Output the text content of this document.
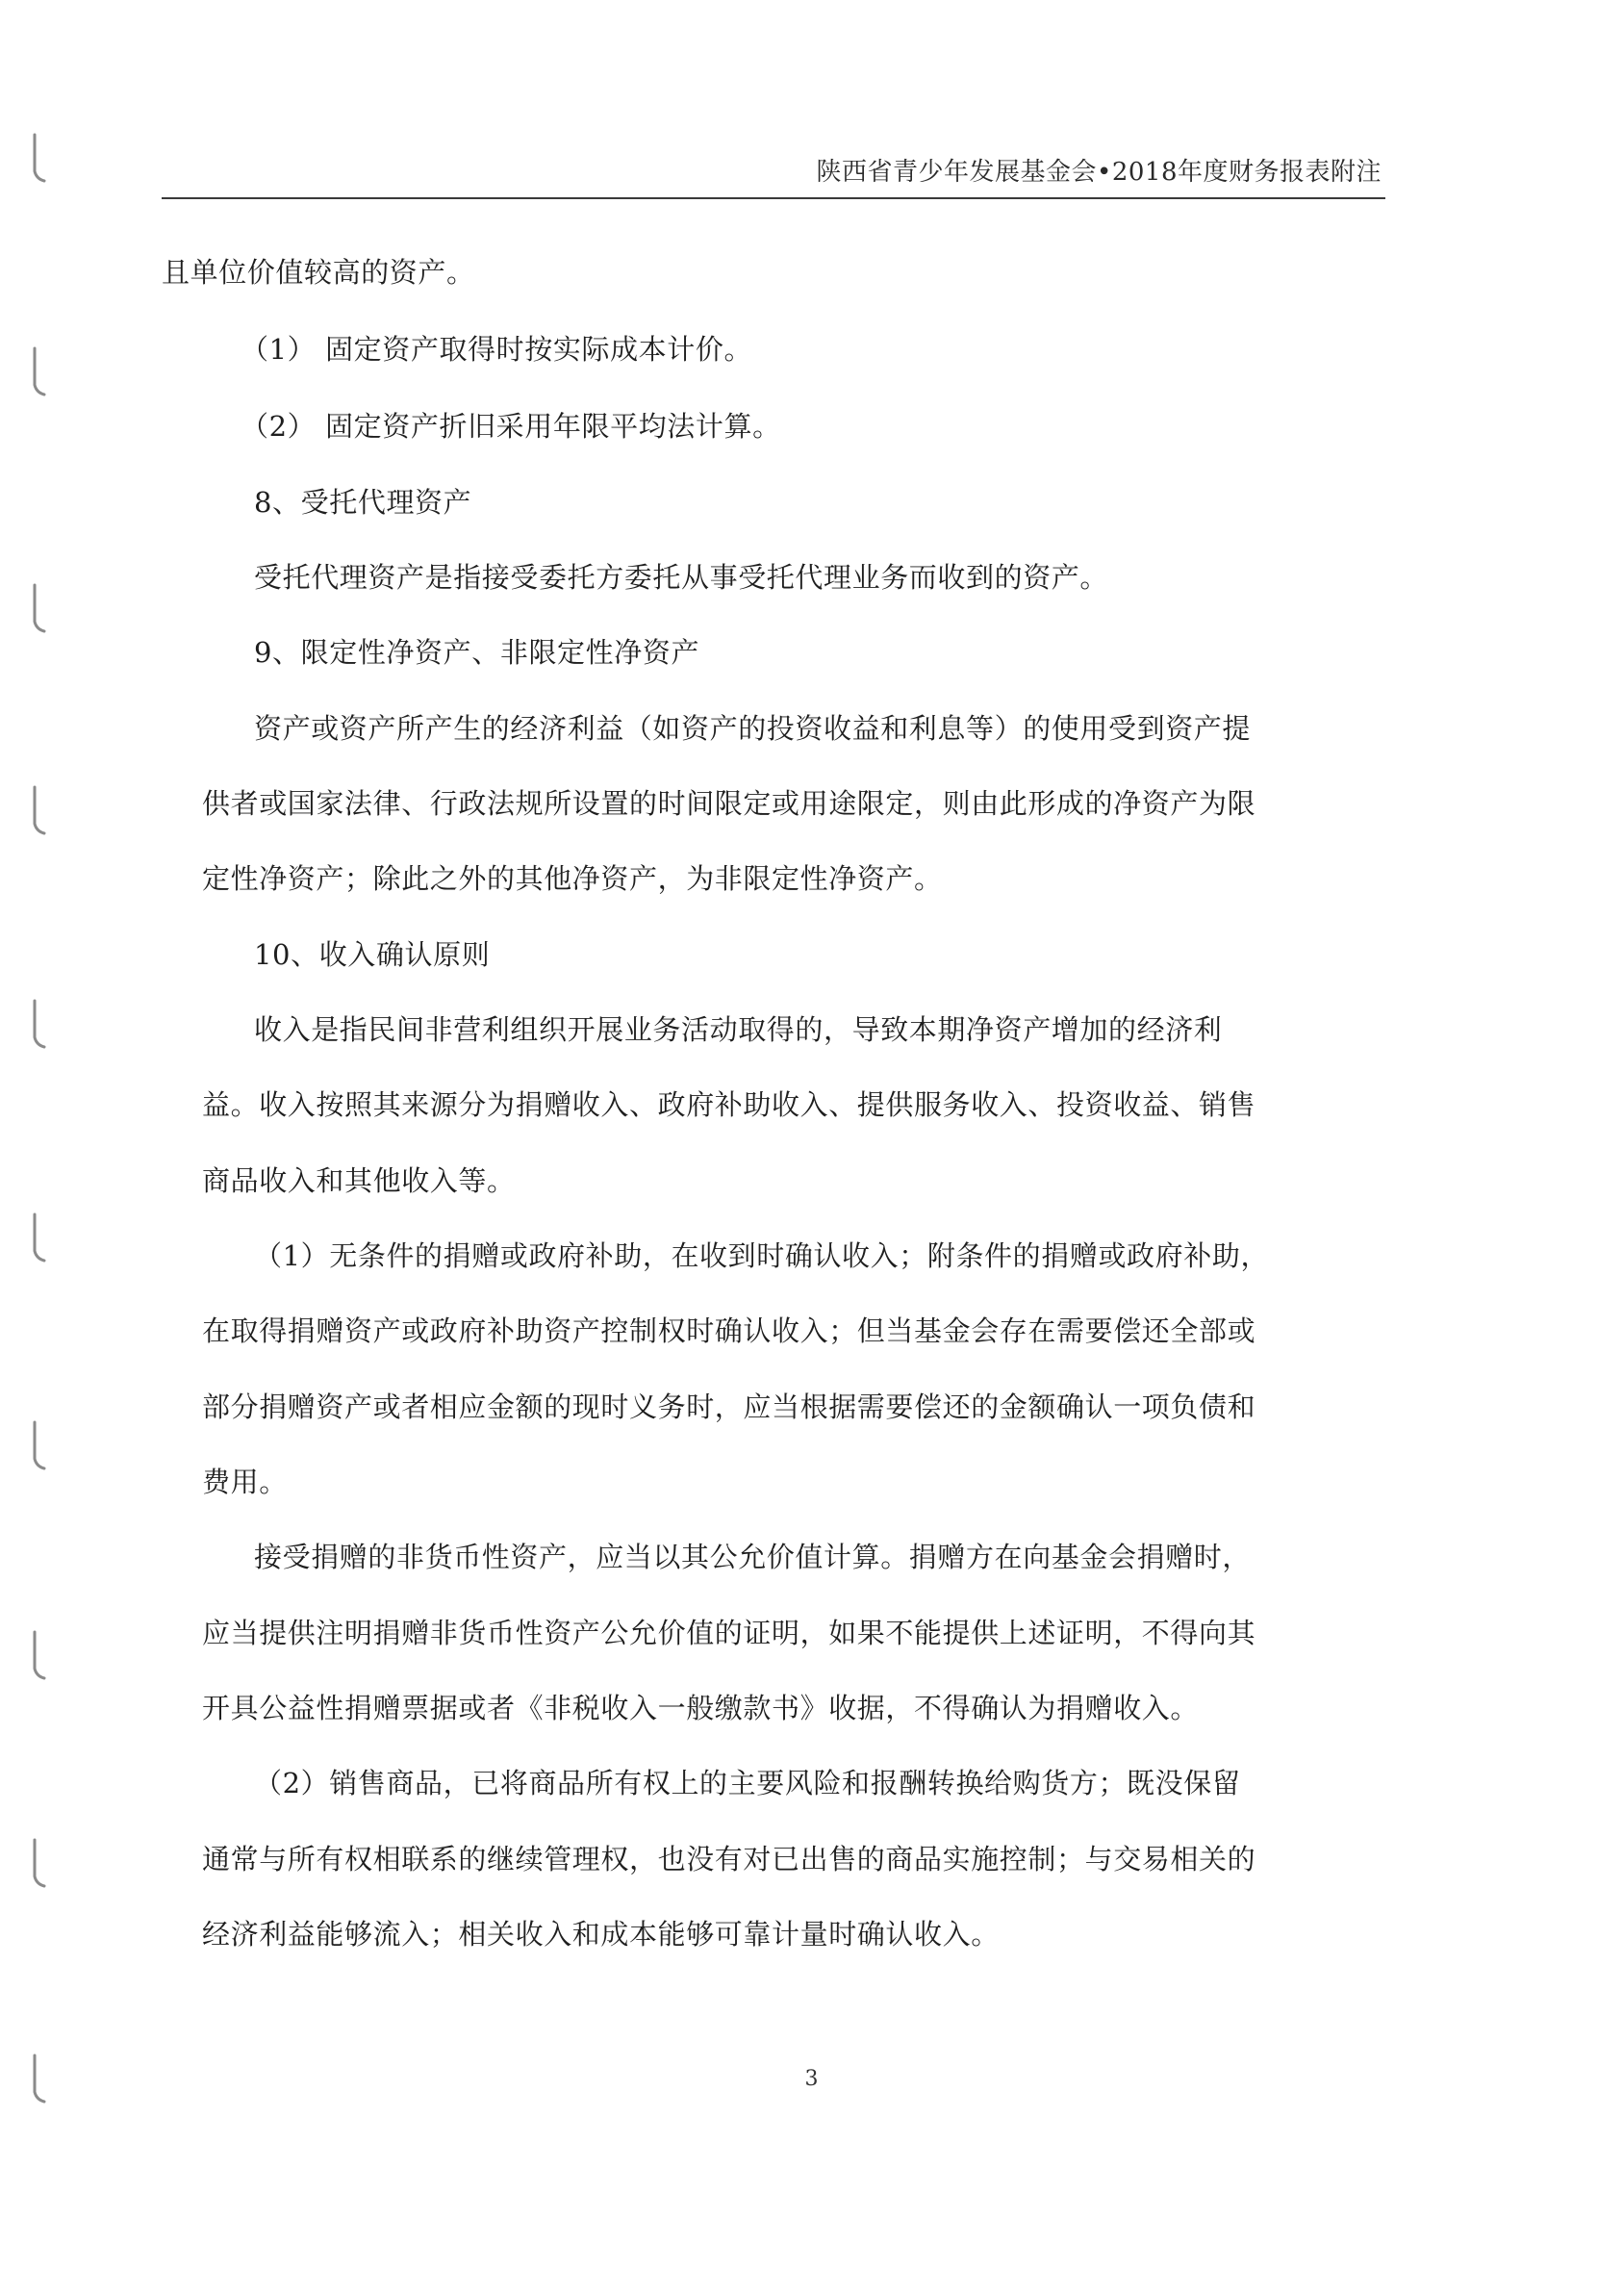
陕西省青少年发展基金会•2018年度财务报表附注
且单位价值较高的资产。
（1） 固定资产取得时按实际成本计价。
（2） 固定资产折旧采用年限平均法计算。
8、受托代理资产
受托代理资产是指接受委托方委托从事受托代理业务而收到的资产。
9、限定性净资产、非限定性净资产
资产或资产所产生的经济利益（如资产的投资收益和利息等）的使用受到资产提
供者或国家法律、行政法规所设置的时间限定或用途限定，则由此形成的净资产为限
定性净资产；除此之外的其他净资产，为非限定性净资产。
10、收入确认原则
收入是指民间非营利组织开展业务活动取得的，导致本期净资产增加的经济利
益。收入按照其来源分为捐赠收入、政府补助收入、提供服务收入、投资收益、销售
商品收入和其他收入等。
（1）无条件的捐赠或政府补助，在收到时确认收入；附条件的捐赠或政府补助，
在取得捐赠资产或政府补助资产控制权时确认收入；但当基金会存在需要偿还全部或
部分捐赠资产或者相应金额的现时义务时，应当根据需要偿还的金额确认一项负债和
费用。
接受捐赠的非货币性资产，应当以其公允价值计算。捐赠方在向基金会捐赠时，
应当提供注明捐赠非货币性资产公允价值的证明，如果不能提供上述证明，不得向其
开具公益性捐赠票据或者《非税收入一般缴款书》收据，不得确认为捐赠收入。
（2）销售商品，已将商品所有权上的主要风险和报酬转换给购货方；既没保留
通常与所有权相联系的继续管理权，也没有对已出售的商品实施控制；与交易相关的
经济利益能够流入；相关收入和成本能够可靠计量时确认收入。
3
